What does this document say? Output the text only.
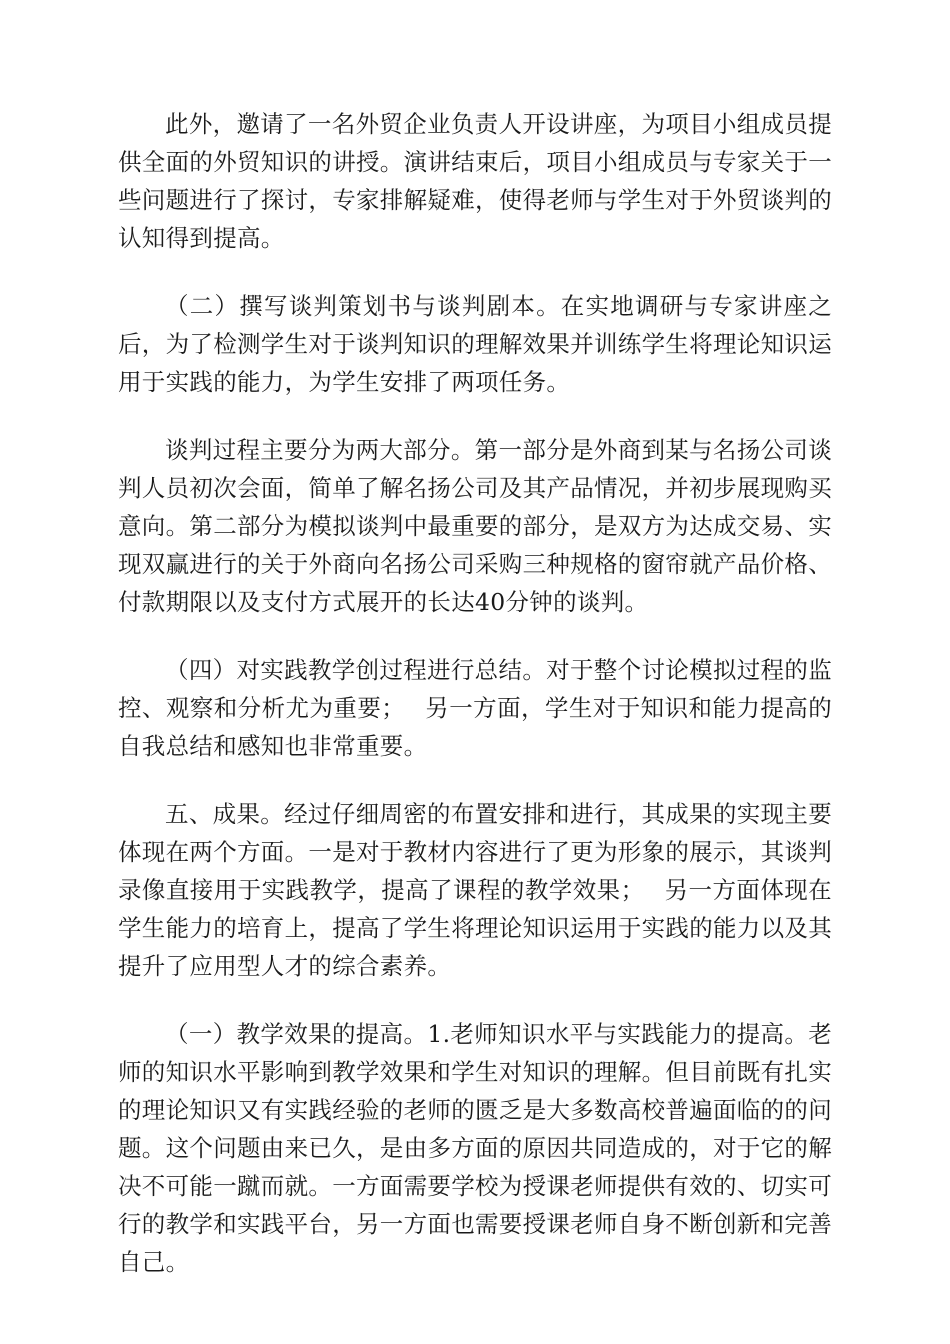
此外，邀请了一名外贸企业负责人开设讲座，为项目小组成员提供全面的外贸知识的讲授。演讲结束后，项目小组成员与专家关于一些问题进行了探讨，专家排解疑难，使得老师与学生对于外贸谈判的认知得到提高。

（二）撰写谈判策划书与谈判剧本。在实地调研与专家讲座之后，为了检测学生对于谈判知识的理解效果并训练学生将理论知识运用于实践的能力，为学生安排了两项任务。

谈判过程主要分为两大部分。第一部分是外商到某与名扬公司谈判人员初次会面，简单了解名扬公司及其产品情况，并初步展现购买意向。第二部分为模拟谈判中最重要的部分，是双方为达成交易、实现双赢进行的关于外商向名扬公司采购三种规格的窗帘就产品价格、付款期限以及支付方式展开的长达40分钟的谈判。

（四）对实践教学创过程进行总结。对于整个讨论模拟过程的监控、观察和分析尤为重要；　 另一方面，学生对于知识和能力提高的自我总结和感知也非常重要。

五、成果。经过仔细周密的布置安排和进行，其成果的实现主要体现在两个方面。一是对于教材内容进行了更为形象的展示，其谈判录像直接用于实践教学，提高了课程的教学效果；　 另一方面体现在学生能力的培育上，提高了学生将理论知识运用于实践的能力以及其提升了应用型人才的综合素养。

（一）教学效果的提高。1.老师知识水平与实践能力的提高。老师的知识水平影响到教学效果和学生对知识的理解。但目前既有扎实的理论知识又有实践经验的老师的匮乏是大多数高校普遍面临的的问题。这个问题由来已久，是由多方面的原因共同造成的，对于它的解决不可能一蹴而就。一方面需要学校为授课老师提供有效的、切实可行的教学和实践平台，另一方面也需要授课老师自身不断创新和完善自己。
